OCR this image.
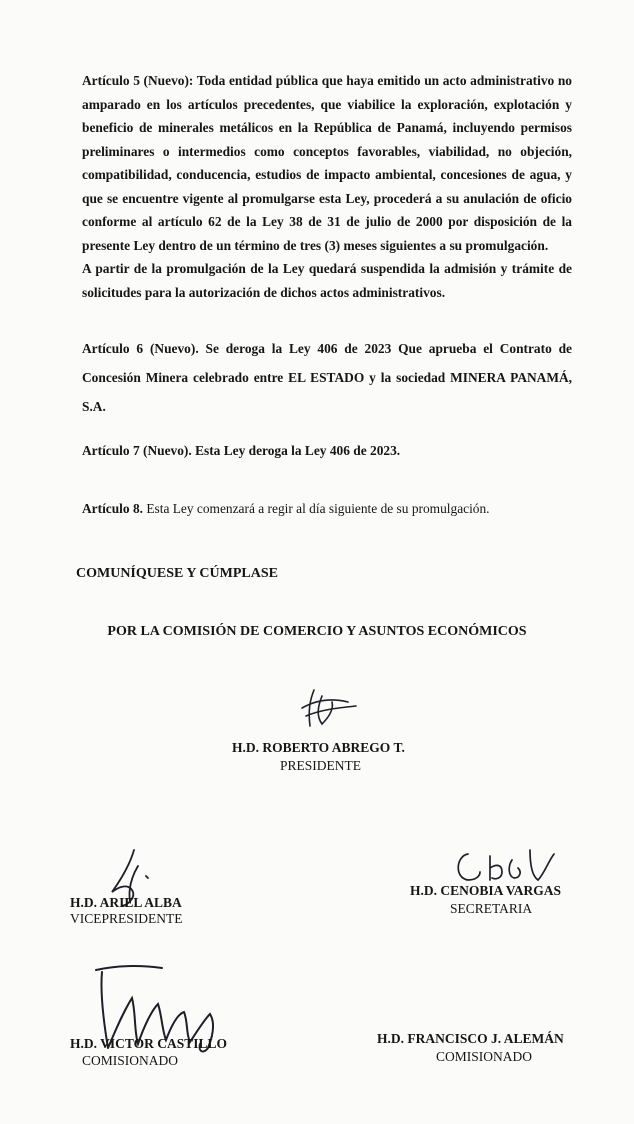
Artículo 5 (Nuevo): Toda entidad pública que haya emitido un acto administrativo no amparado en los artículos precedentes, que viabilice la exploración, explotación y beneficio de minerales metálicos en la República de Panamá, incluyendo permisos preliminares o intermedios como conceptos favorables, viabilidad, no objeción, compatibilidad, conducencia, estudios de impacto ambiental, concesiones de agua, y que se encuentre vigente al promulgarse esta Ley, procederá a su anulación de oficio conforme al artículo 62 de la Ley 38 de 31 de julio de 2000 por disposición de la presente Ley dentro de un término de tres (3) meses siguientes a su promulgación.
A partir de la promulgación de la Ley quedará suspendida la admisión y trámite de solicitudes para la autorización de dichos actos administrativos.

Artículo 6 (Nuevo). Se deroga la Ley 406 de 2023 Que aprueba el Contrato de Concesión Minera celebrado entre EL ESTADO y la sociedad MINERA PANAMÁ, S.A.

Artículo 7 (Nuevo). Esta Ley deroga la Ley 406 de 2023.

Artículo 8. Esta Ley comenzará a regir al día siguiente de su promulgación.

COMUNÍQUESE Y CÚMPLASE

POR LA COMISIÓN DE COMERCIO Y ASUNTOS ECONÓMICOS

H.D. ROBERTO ABREGO T.
PRESIDENTE
H.D. ARIEL ALBA
VICEPRESIDENTE
H.D. CENOBIA VARGAS
SECRETARIA
H.D. VICTOR CASTILLO
COMISIONADO
H.D. FRANCISCO J. ALEMÁN
COMISIONADO
